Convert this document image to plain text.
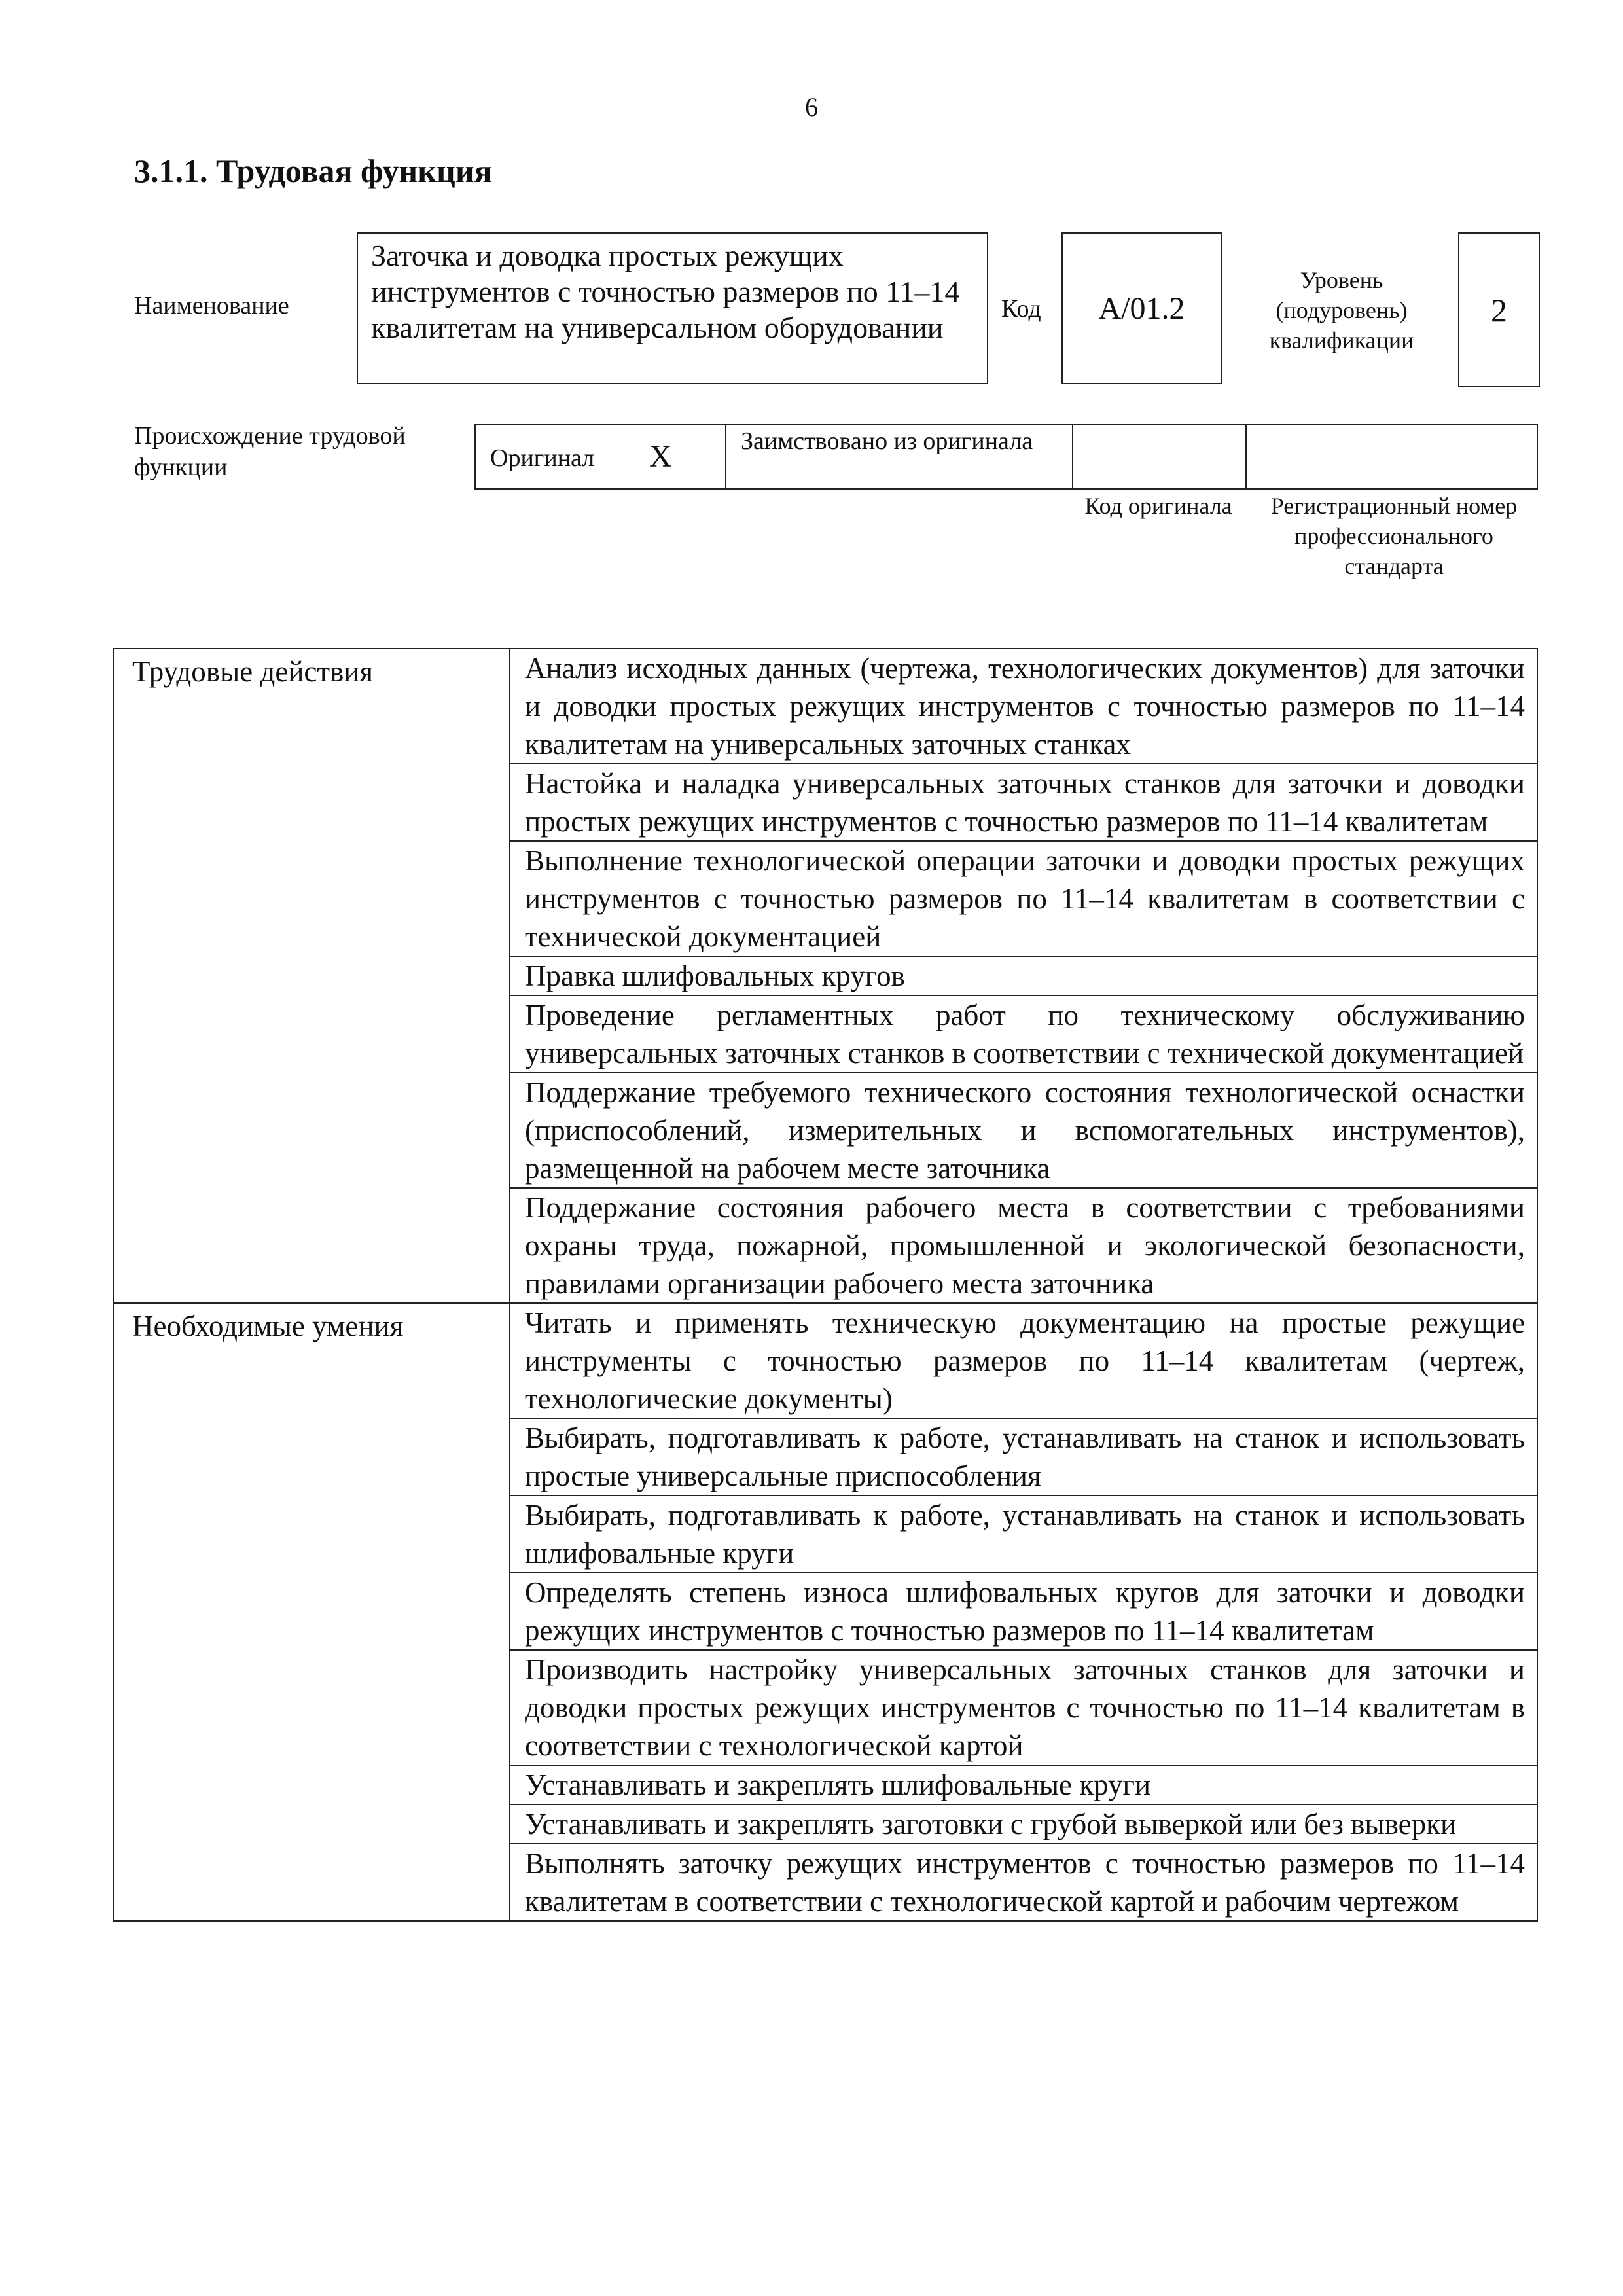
6
3.1.1. Трудовая функция
Наименование
Заточка и доводка простых режущих инструментов с точностью размеров по 11–14 квалитетам на универсальном оборудовании
Код	A/01.2
Уровень (подуровень) квалификации
2
Происхождение трудовой функции	Оригинал X	Заимствовано из оригинала
Код оригинала	Регистрационный номер профессионального стандарта
Трудовые действия	Анализ исходных данных (чертежа, технологических документов) для заточки и доводки простых режущих инструментов с точностью размеров по 11–14 квалитетам на универсальных заточных станках
	Настойка и наладка универсальных заточных станков для заточки и доводки простых режущих инструментов с точностью размеров по 11–14 квалитетам
	Выполнение технологической операции заточки и доводки простых режущих инструментов с точностью размеров по 11–14 квалитетам в соответствии с технической документацией
	Правка шлифовальных кругов
	Проведение регламентных работ по техническому обслуживанию универсальных заточных станков в соответствии с технической документацией
	Поддержание требуемого технического состояния технологической оснастки (приспособлений, измерительных и вспомогательных инструментов), размещенной на рабочем месте заточника
	Поддержание состояния рабочего места в соответствии с требованиями охраны труда, пожарной, промышленной и экологической безопасности, правилами организации рабочего места заточника
Необходимые умения	Читать и применять техническую документацию на простые режущие инструменты с точностью размеров по 11–14 квалитетам (чертеж, технологические документы)
	Выбирать, подготавливать к работе, устанавливать на станок и использовать простые универсальные приспособления
	Выбирать, подготавливать к работе, устанавливать на станок и использовать шлифовальные круги
	Определять степень износа шлифовальных кругов для заточки и доводки режущих инструментов с точностью размеров по 11–14 квалитетам
	Производить настройку универсальных заточных станков для заточки и доводки простых режущих инструментов с точностью по 11–14 квалитетам в соответствии с технологической картой
	Устанавливать и закреплять шлифовальные круги
	Устанавливать и закреплять заготовки с грубой выверкой или без выверки
	Выполнять заточку режущих инструментов с точностью размеров по 11–14 квалитетам в соответствии с технологической картой и рабочим чертежом
